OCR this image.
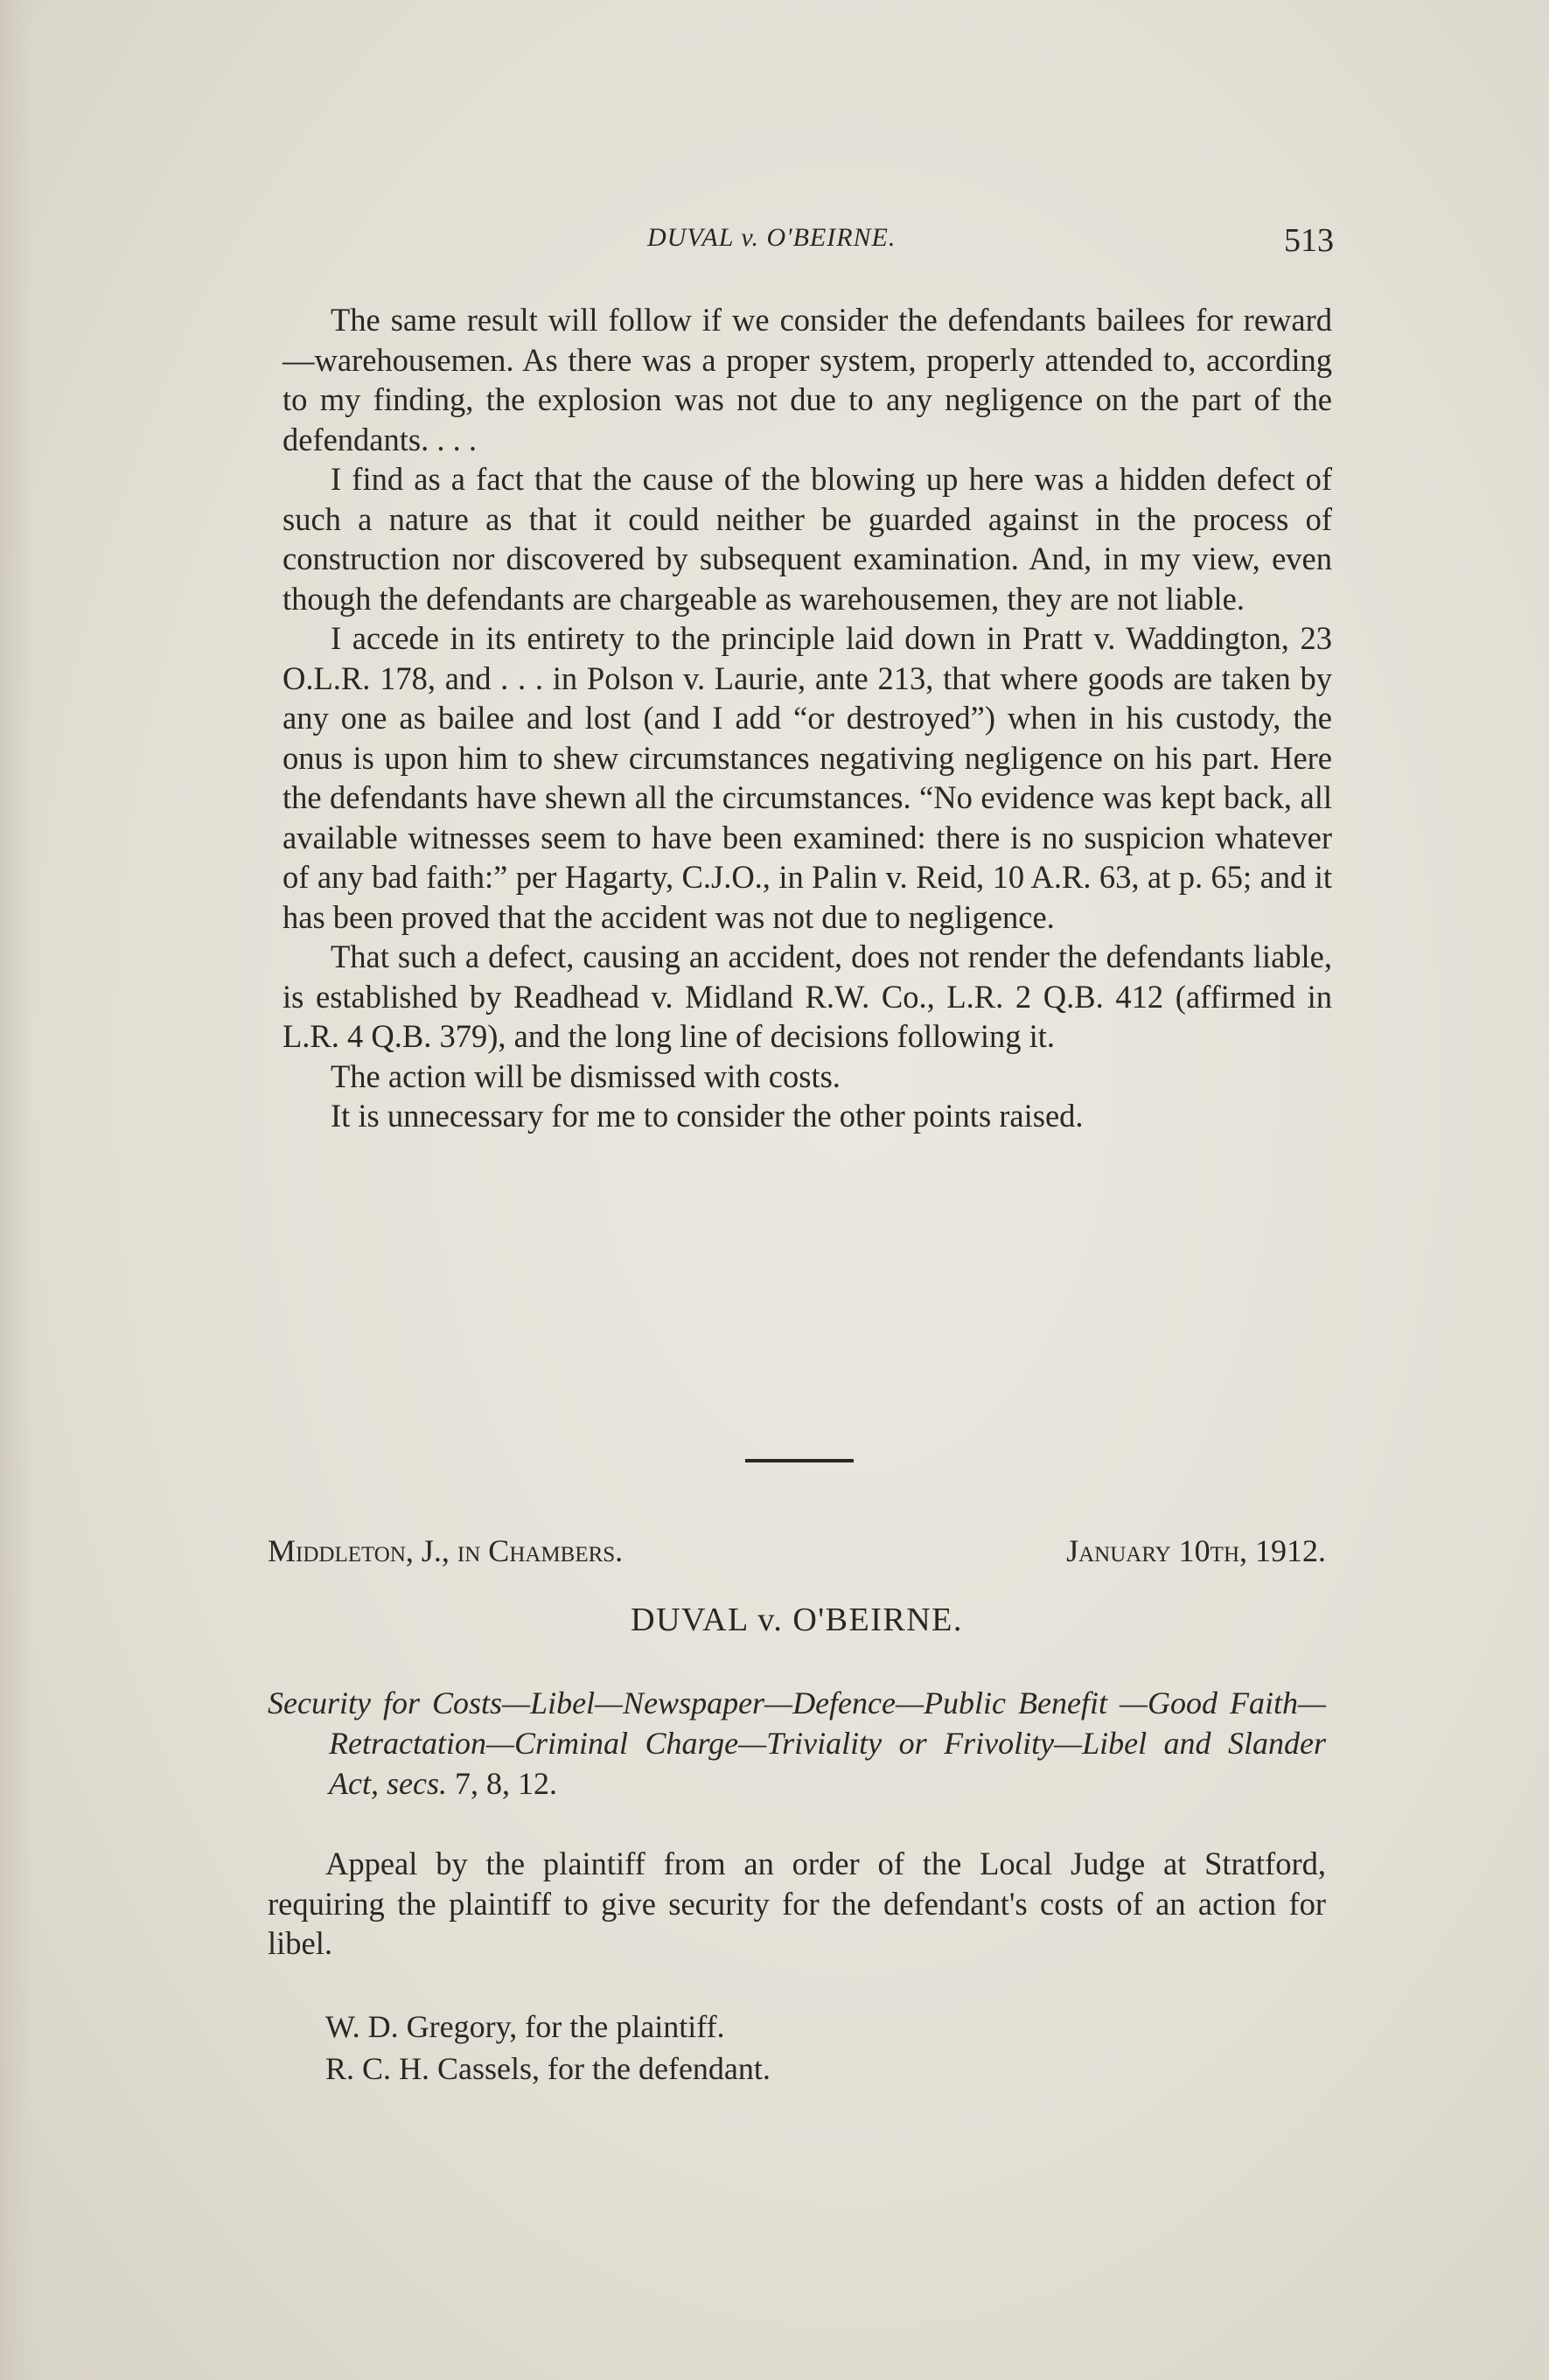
DUVAL v. O'BEIRNE.	513

The same result will follow if we consider the defendants bailees for reward—warehousemen. As there was a proper system, properly attended to, according to my finding, the explosion was not due to any negligence on the part of the defendants. . . .

I find as a fact that the cause of the blowing up here was a hidden defect of such a nature as that it could neither be guarded against in the process of construction nor discovered by subsequent examination. And, in my view, even though the defendants are chargeable as warehousemen, they are not liable.

I accede in its entirety to the principle laid down in Pratt v. Waddington, 23 O.L.R. 178, and . . . in Polson v. Laurie, ante 213, that where goods are taken by any one as bailee and lost (and I add “or destroyed”) when in his custody, the onus is upon him to shew circumstances negativing negligence on his part. Here the defendants have shewn all the circumstances. “No evidence was kept back, all available witnesses seem to have been examined: there is no suspicion whatever of any bad faith:” per Hagarty, C.J.O., in Palin v. Reid, 10 A.R. 63, at p. 65; and it has been proved that the accident was not due to negligence.

That such a defect, causing an accident, does not render the defendants liable, is established by Readhead v. Midland R.W. Co., L.R. 2 Q.B. 412 (affirmed in L.R. 4 Q.B. 379), and the long line of decisions following it.

The action will be dismissed with costs.

It is unnecessary for me to consider the other points raised.

Middleton, J., in Chambers.	January 10th, 1912.
DUVAL v. O'BEIRNE.
Security for Costs—Libel—Newspaper—Defence—Public Benefit —Good Faith—Retractation—Criminal Charge—Triviality or Frivolity—Libel and Slander Act, secs. 7, 8, 12.
Appeal by the plaintiff from an order of the Local Judge at Stratford, requiring the plaintiff to give security for the defendant's costs of an action for libel.
W. D. Gregory, for the plaintiff.
R. C. H. Cassels, for the defendant.
